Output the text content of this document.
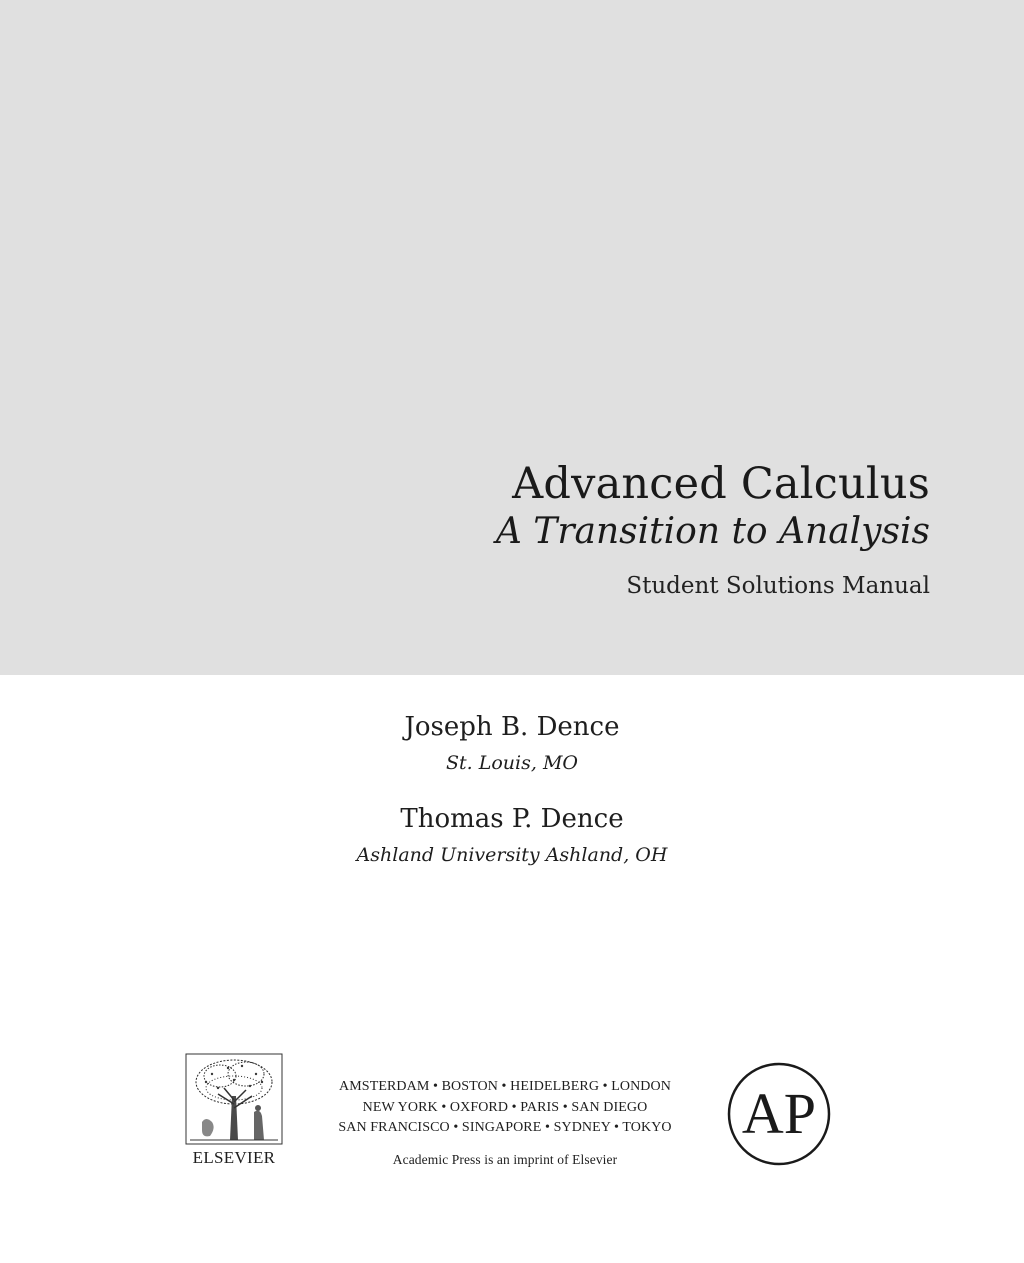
Advanced Calculus
A Transition to Analysis
Student Solutions Manual
Joseph B. Dence
St. Louis, MO
Thomas P. Dence
Ashland University Ashland, OH
ELSEVIER
AMSTERDAM • BOSTON • HEIDELBERG • LONDON
NEW YORK • OXFORD • PARIS • SAN DIEGO
SAN FRANCISCO • SINGAPORE • SYDNEY • TOKYO
Academic Press is an imprint of Elsevier
AP
